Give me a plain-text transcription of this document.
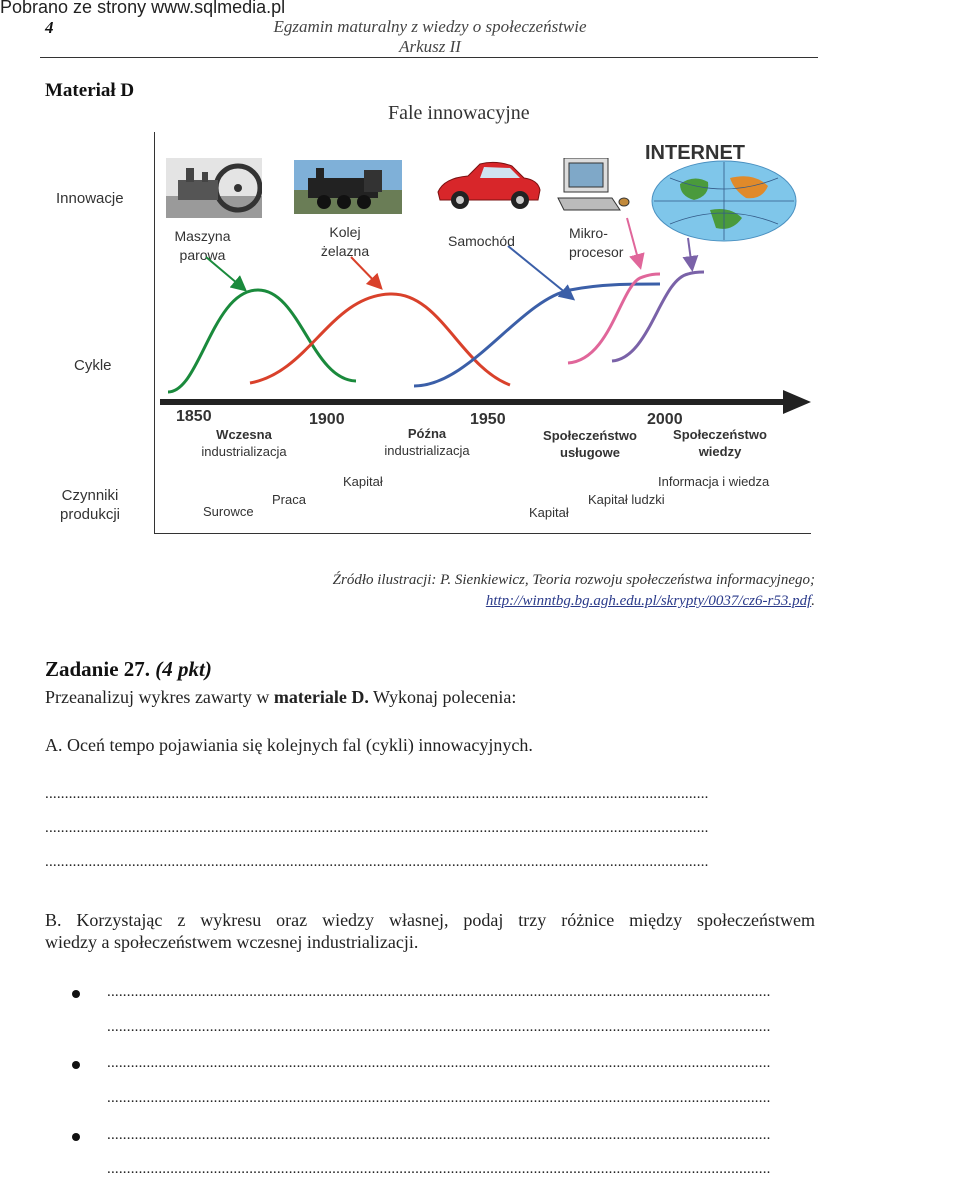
Pobrano ze strony www.sqlmedia.pl
4	Egzamin maturalny z wiedzy o społeczeństwie
Arkusz II
Materiał D
Fale innowacyjne
Innowacje
Cykle
Czynniki
produkcji
INTERNET
Maszyna
parowa
Kolej
żelazna
Samochód	Mikro-
procesor
1850	1900	1950	2000
Wczesna
industrializacja
Późna
industrializacja
Społeczeństwo
usługowe
Społeczeństwo
wiedzy
Surowce
Praca
Kapitał
Kapitał
Kapitał ludzki
Informacja i wiedza
Źródło ilustracji: P. Sienkiewicz, Teoria rozwoju społeczeństwa informacyjnego;
http://winntbg.bg.agh.edu.pl/skrypty/0037/cz6-r53.pdf.
Zadanie 27. (4 pkt)
Przeanalizuj wykres zawarty w materiale D. Wykonaj polecenia:
A. Oceń tempo pojawiania się kolejnych fal (cykli) innowacyjnych.
........................................................................................................................................................................
........................................................................................................................................................................
........................................................................................................................................................................
B. Korzystając z wykresu oraz wiedzy własnej, podaj trzy różnice między społeczeństwem
wiedzy a społeczeństwem wczesnej industrializacji.
........................................................................................................................................................................
........................................................................................................................................................................
........................................................................................................................................................................
........................................................................................................................................................................
........................................................................................................................................................................
........................................................................................................................................................................
